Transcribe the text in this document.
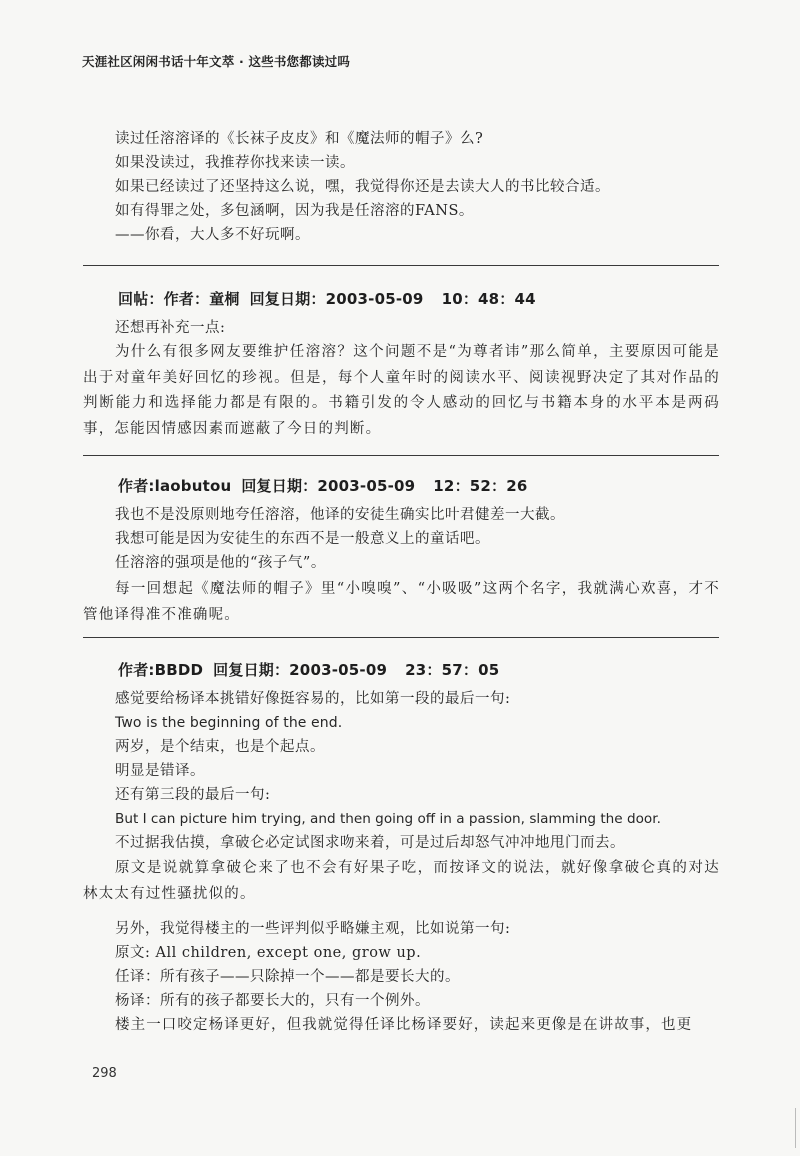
天涯社区闲闲书话十年文萃 · 这些书您都读过吗
读过任溶溶译的《长袜子皮皮》和《魔法师的帽子》么?
如果没读过，我推荐你找来读一读。
如果已经读过了还坚持这么说，嘿，我觉得你还是去读大人的书比较合适。
如有得罪之处，多包涵啊，因为我是任溶溶的FANS。
——你看，大人多不好玩啊。
回帖：作者：童桐 回复日期：2003-05-09 10：48：44
还想再补充一点:

为什么有很多网友要维护任溶溶？这个问题不是“为尊者讳”那么简单，主要原因可能是出于对童年美好回忆的珍视。但是，每个人童年时的阅读水平、阅读视野决定了其对作品的判断能力和选择能力都是有限的。书籍引发的令人感动的回忆与书籍本身的水平本是两码事，怎能因情感因素而遮蔽了今日的判断。

作者:laobutou 回复日期：2003-05-09 12：52：26
我也不是没原则地夸任溶溶，他译的安徒生确实比叶君健差一大截。
我想可能是因为安徒生的东西不是一般意义上的童话吧。
任溶溶的强项是他的“孩子气”。

每一回想起《魔法师的帽子》里“小嗅嗅”、“小吸吸”这两个名字，我就满心欢喜，才不管他译得准不准确呢。

作者:BBDD 回复日期：2003-05-09 23：57：05
感觉要给杨译本挑错好像挺容易的，比如第一段的最后一句:
Two is the beginning of the end.
两岁，是个结束，也是个起点。
明显是错译。
还有第三段的最后一句:
But I can picture him trying, and then going off in a passion, slamming the door.
不过据我估摸，拿破仑必定试图求吻来着，可是过后却怒气冲冲地甩门而去。

原文是说就算拿破仑来了也不会有好果子吃，而按译文的说法，就好像拿破仑真的对达林太太有过性骚扰似的。

另外，我觉得楼主的一些评判似乎略嫌主观，比如说第一句:
原文: All children, except one, grow up.
任译：所有孩子——只除掉一个——都是要长大的。
杨译：所有的孩子都要长大的，只有一个例外。
楼主一口咬定杨译更好，但我就觉得任译比杨译要好，读起来更像是在讲故事，也更
298
